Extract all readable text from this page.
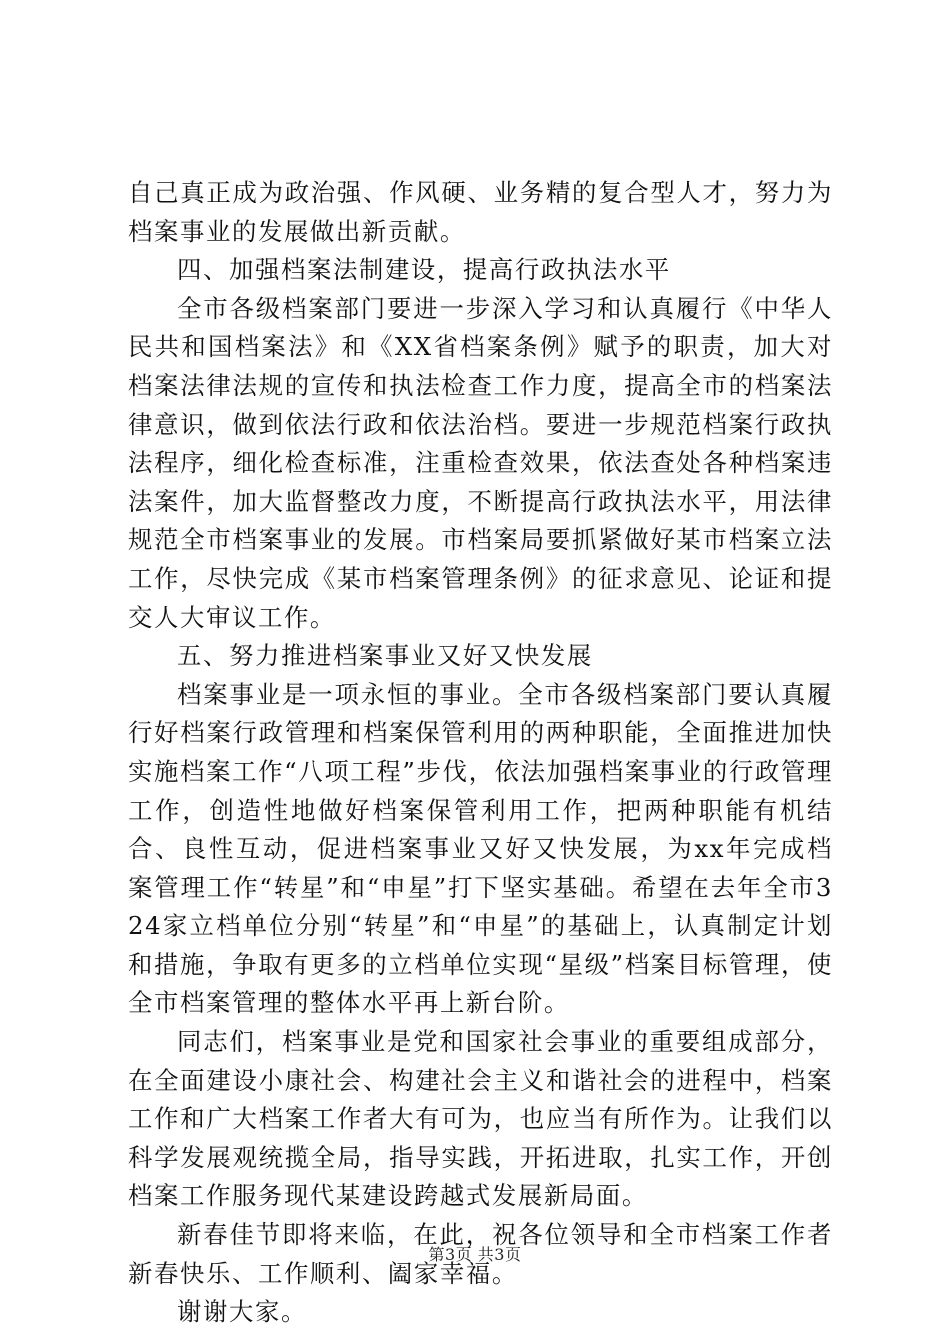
自己真正成为政治强、作风硬、业务精的复合型人才，努力为档案事业的发展做出新贡献。

四、加强档案法制建设，提高行政执法水平

全市各级档案部门要进一步深入学习和认真履行《中华人民共和国档案法》和《XX省档案条例》赋予的职责，加大对档案法律法规的宣传和执法检查工作力度，提高全市的档案法律意识，做到依法行政和依法治档。要进一步规范档案行政执法程序，细化检查标准，注重检查效果，依法查处各种档案违法案件，加大监督整改力度，不断提高行政执法水平，用法律规范全市档案事业的发展。市档案局要抓紧做好某市档案立法工作，尽快完成《某市档案管理条例》的征求意见、论证和提交人大审议工作。

五、努力推进档案事业又好又快发展

档案事业是一项永恒的事业。全市各级档案部门要认真履行好档案行政管理和档案保管利用的两种职能，全面推进加快实施档案工作“八项工程”步伐，依法加强档案事业的行政管理工作，创造性地做好档案保管利用工作，把两种职能有机结合、良性互动，促进档案事业又好又快发展，为xx年完成档案管理工作“转星”和“申星”打下坚实基础。希望在去年全市324家立档单位分别“转星”和“申星”的基础上，认真制定计划和措施，争取有更多的立档单位实现“星级”档案目标管理，使全市档案管理的整体水平再上新台阶。

同志们，档案事业是党和国家社会事业的重要组成部分，在全面建设小康社会、构建社会主义和谐社会的进程中，档案工作和广大档案工作者大有可为，也应当有所作为。让我们以科学发展观统揽全局，指导实践，开拓进取，扎实工作，开创档案工作服务现代某建设跨越式发展新局面。

新春佳节即将来临，在此，祝各位领导和全市档案工作者新春快乐、工作顺利、阖家幸福。

谢谢大家。

第3页 共3页
